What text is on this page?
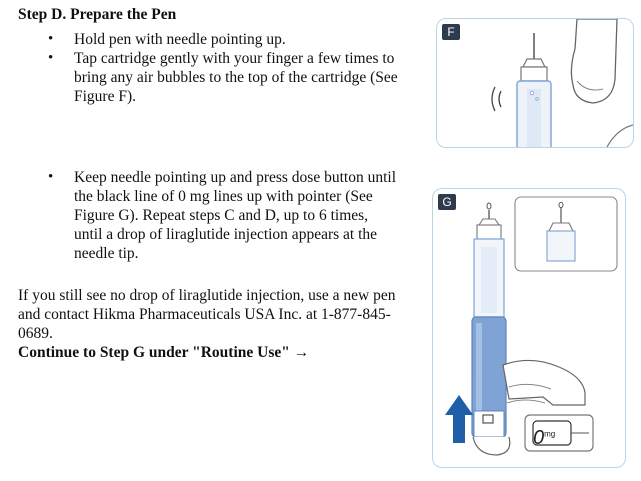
Step D. Prepare the Pen
• Hold pen with needle pointing up.
• Tap cartridge gently with your finger a few times to bring any air bubbles to the top of the cartridge (See Figure F).
• Keep needle pointing up and press dose button until the black line of 0 mg lines up with pointer (See Figure G). Repeat steps C and D, up to 6 times, until a drop of liraglutide injection appears at the needle tip.

If you still see no drop of liraglutide injection, use a new pen and contact Hikma Pharmaceuticals USA Inc. at 1-877-845-0689.

Continue to Step G under "Routine Use" →

F
G
$0^{mg}$
